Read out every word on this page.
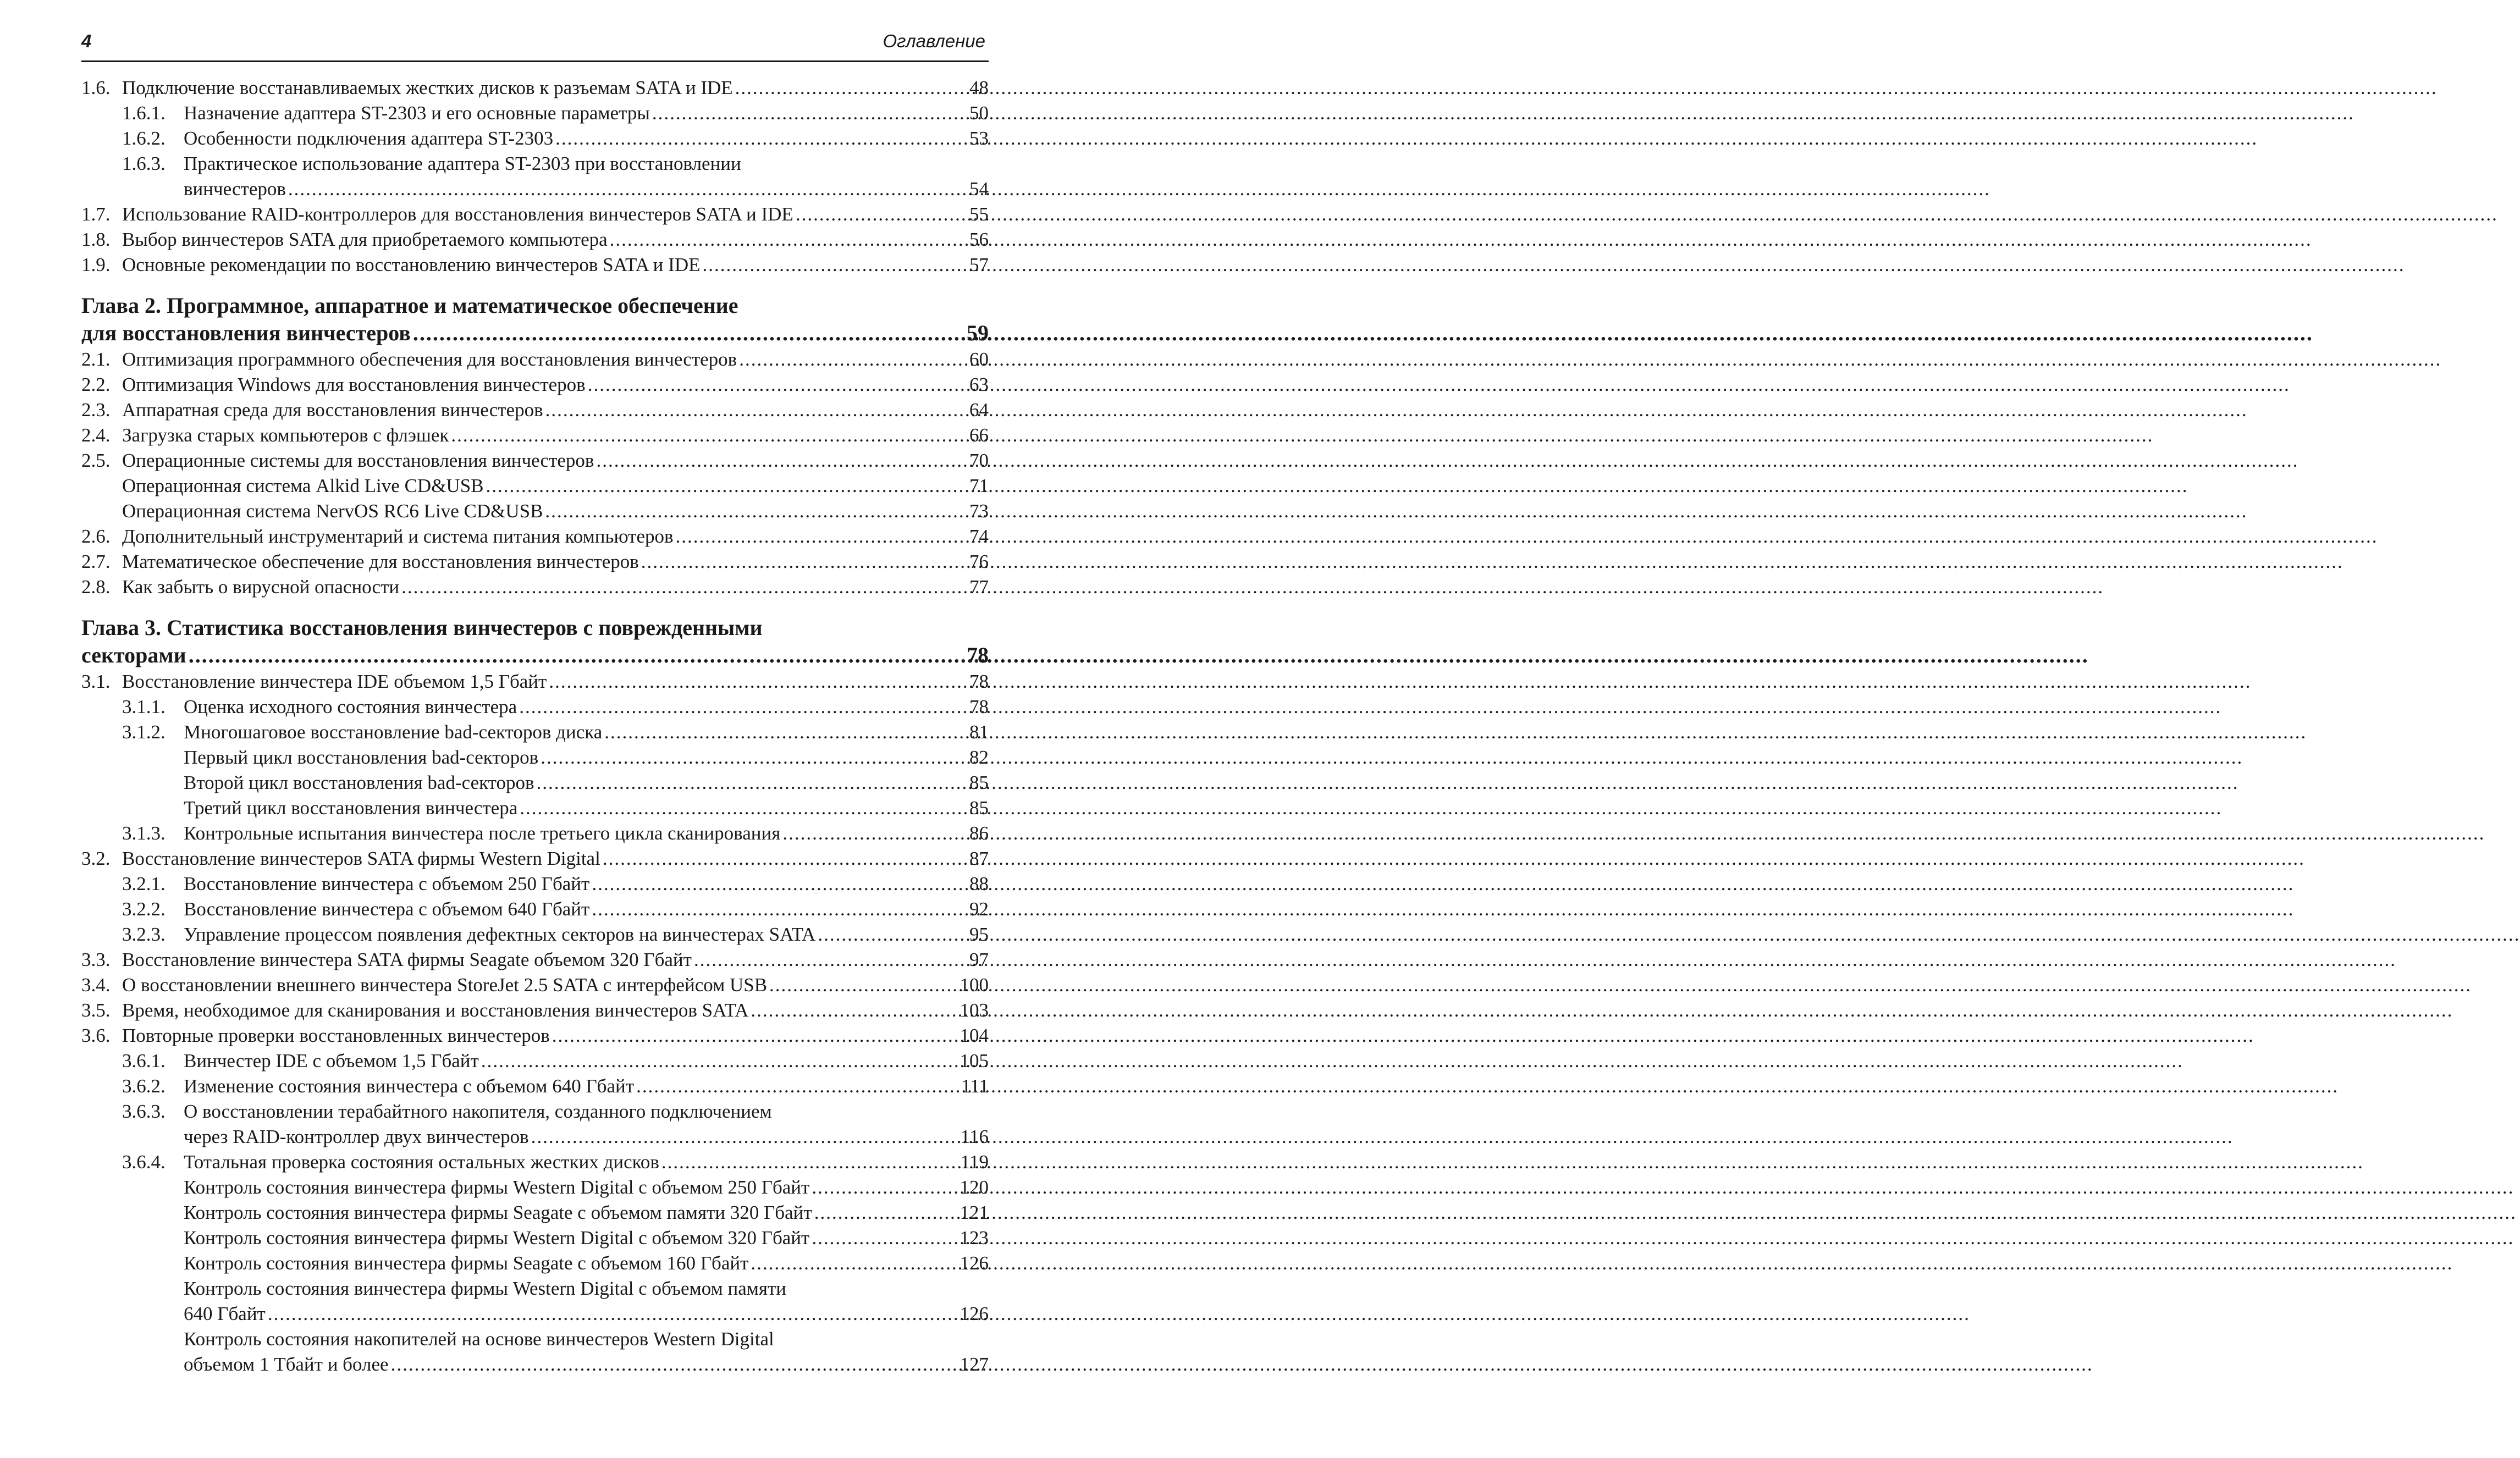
4	Оглавление
1.6. Подключение восстанавливаемых жестких дисков к разъемам SATA и IDE .....	48
1.6.1. Назначение адаптера ST-2303 и его основные параметры .....	50
1.6.2. Особенности подключения адаптера ST-2303 .....	53
1.6.3. Практическое использование адаптера ST-2303 при восстановлении
винчестеров .....	54
1.7. Использование RAID-контроллеров для восстановления винчестеров SATA и IDE .....	55
1.8. Выбор винчестеров SATA для приобретаемого компьютера .....	56
1.9. Основные рекомендации по восстановлению винчестеров SATA и IDE .....	57
Глава 2. Программное, аппаратное и математическое обеспечение
для восстановления винчестеров .....	59
2.1. Оптимизация программного обеспечения для восстановления винчестеров .....	60
2.2. Оптимизация Windows для восстановления винчестеров .....	63
2.3. Аппаратная среда для восстановления винчестеров .....	64
2.4. Загрузка старых компьютеров с флэшек .....	66
2.5. Операционные системы для восстановления винчестеров .....	70
Операционная система Alkid Live CD&USB .....	71
Операционная система NervOS RC6 Live CD&USB .....	73
2.6. Дополнительный инструментарий и система питания компьютеров .....	74
2.7. Математическое обеспечение для восстановления винчестеров .....	76
2.8. Как забыть о вирусной опасности .....	77
Глава 3. Статистика восстановления винчестеров с поврежденными
секторами .....	78
3.1. Восстановление винчестера IDE объемом 1,5 Гбайт .....	78
3.1.1. Оценка исходного состояния винчестера .....	78
3.1.2. Многошаговое восстановление bad-секторов диска .....	81
Первый цикл восстановления bad-секторов .....	82
Второй цикл восстановления bad-секторов .....	85
Третий цикл восстановления винчестера .....	85
3.1.3. Контрольные испытания винчестера после третьего цикла сканирования .....	86
3.2. Восстановление винчестеров SATA фирмы Western Digital .....	87
3.2.1. Восстановление винчестера с объемом 250 Гбайт .....	88
3.2.2. Восстановление винчестера с объемом 640 Гбайт .....	92
3.2.3. Управление процессом появления дефектных секторов на винчестерах SATA .....	95
3.3. Восстановление винчестера SATA фирмы Seagate объемом 320 Гбайт .....	97
3.4. О восстановлении внешнего винчестера StoreJet 2.5 SATA с интерфейсом USB .....	100
3.5. Время, необходимое для сканирования и восстановления винчестеров SATA .....	103
3.6. Повторные проверки восстановленных винчестеров .....	104
3.6.1. Винчестер IDE с объемом 1,5 Гбайт .....	105
3.6.2. Изменение состояния винчестера с объемом 640 Гбайт .....	111
3.6.3. О восстановлении терабайтного накопителя, созданного подключением
через RAID-контроллер двух винчестеров .....	116
3.6.4. Тотальная проверка состояния остальных жестких дисков .....	119
Контроль состояния винчестера фирмы Western Digital с объемом 250 Гбайт .....	120
Контроль состояния винчестера фирмы Seagate с объемом памяти 320 Гбайт .....	121
Контроль состояния винчестера фирмы Western Digital с объемом 320 Гбайт .....	123
Контроль состояния винчестера фирмы Seagate с объемом 160 Гбайт .....	126
Контроль состояния винчестера фирмы Western Digital с объемом памяти
640 Гбайт .....	126
Контроль состояния накопителей на основе винчестеров Western Digital
объемом 1 Тбайт и более .....	127
